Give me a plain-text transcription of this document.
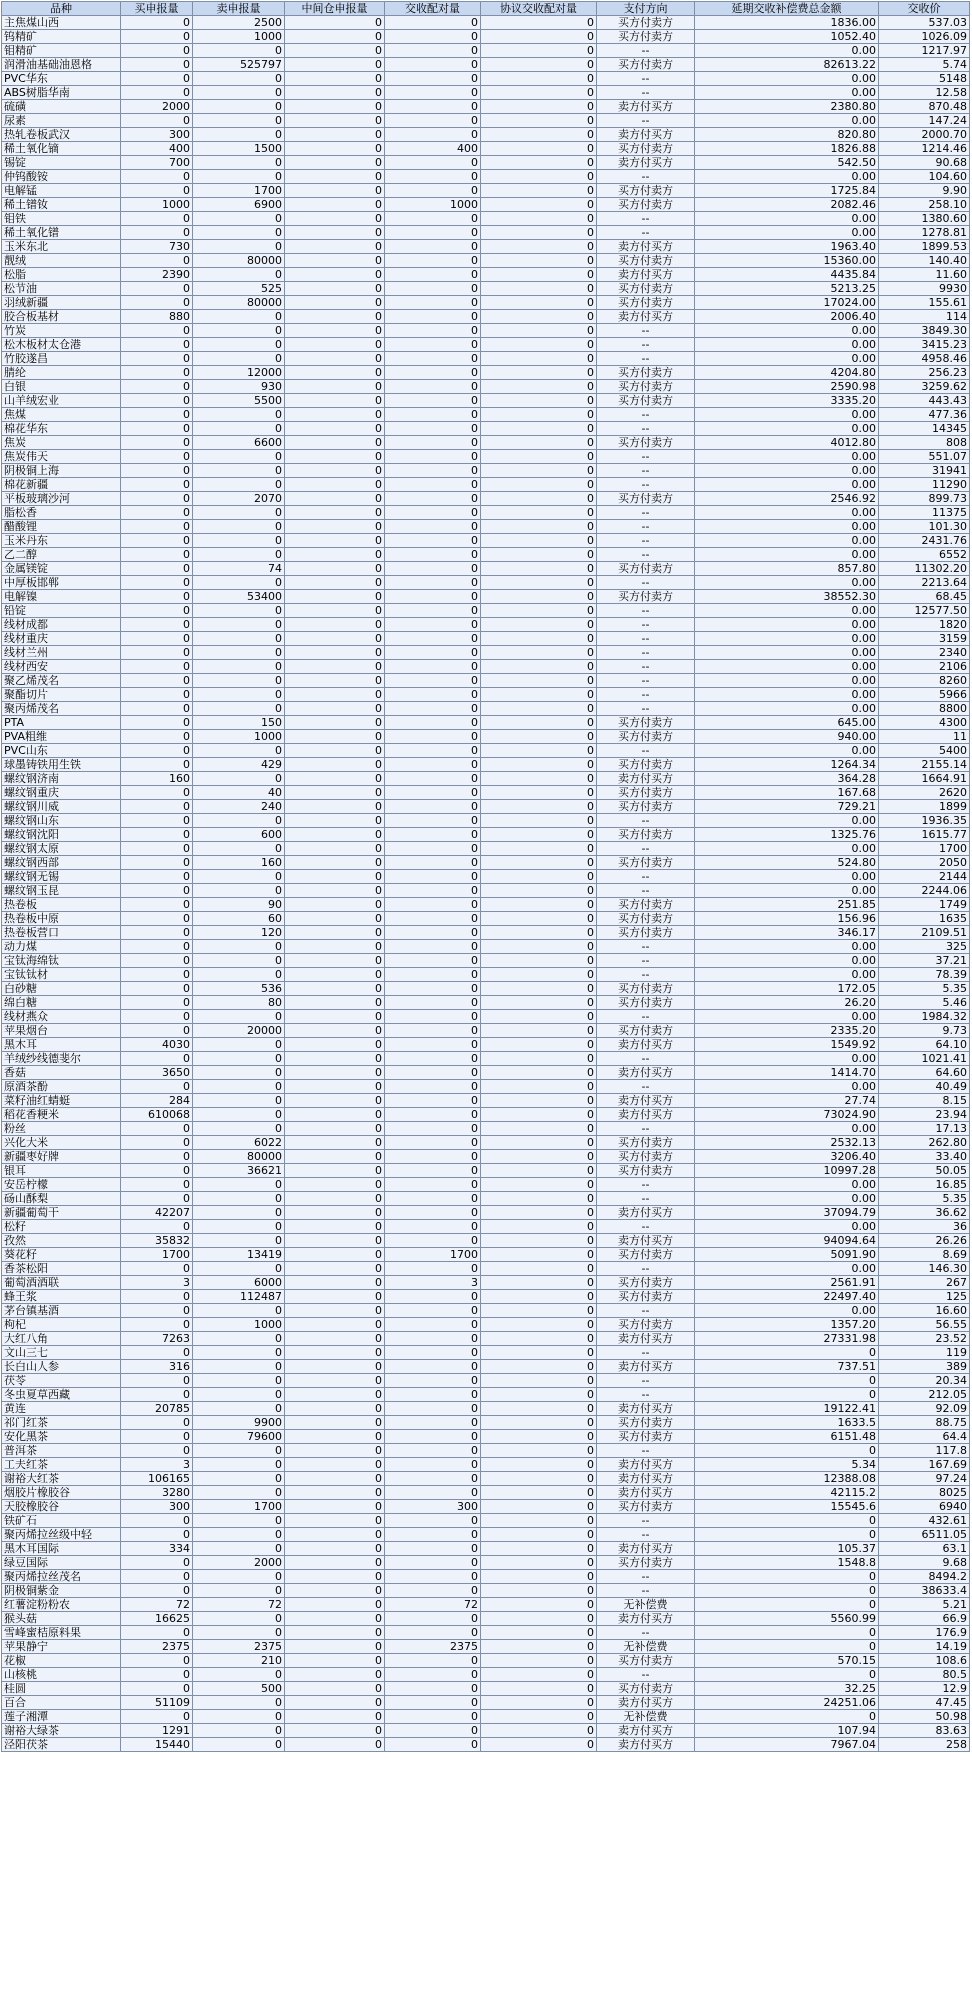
品种	买申报量	卖申报量	中间仓申报量	交收配对量	协议交收配对量	支付方向	延期交收补偿费总金额	交收价
主焦煤山西	0	2500	0	0	0	买方付卖方	1836.00	537.03
钨精矿	0	1000	0	0	0	买方付卖方	1052.40	1026.09
钼精矿	0	0	0	0	0	--	0.00	1217.97
润滑油基础油恩格	0	525797	0	0	0	买方付卖方	82613.22	5.74
PVC华东	0	0	0	0	0	--	0.00	5148
ABS树脂华南	0	0	0	0	0	--	0.00	12.58
硫磺	2000	0	0	0	0	卖方付买方	2380.80	870.48
尿素	0	0	0	0	0	--	0.00	147.24
热轧卷板武汉	300	0	0	0	0	卖方付买方	820.80	2000.70
稀土氧化镝	400	1500	0	400	0	买方付卖方	1826.88	1214.46
锡锭	700	0	0	0	0	卖方付买方	542.50	90.68
仲钨酸铵	0	0	0	0	0	--	0.00	104.60
电解锰	0	1700	0	0	0	买方付卖方	1725.84	9.90
稀土镨钕	1000	6900	0	1000	0	买方付卖方	2082.46	258.10
钼铁	0	0	0	0	0	--	0.00	1380.60
稀土氧化镨	0	0	0	0	0	--	0.00	1278.81
玉米东北	730	0	0	0	0	卖方付买方	1963.40	1899.53
靓绒	0	80000	0	0	0	买方付卖方	15360.00	140.40
松脂	2390	0	0	0	0	卖方付买方	4435.84	11.60
松节油	0	525	0	0	0	买方付卖方	5213.25	9930
羽绒新疆	0	80000	0	0	0	买方付卖方	17024.00	155.61
胶合板基材	880	0	0	0	0	卖方付买方	2006.40	114
竹炭	0	0	0	0	0	--	0.00	3849.30
松木板材太仓港	0	0	0	0	0	--	0.00	3415.23
竹胶遂昌	0	0	0	0	0	--	0.00	4958.46
腈纶	0	12000	0	0	0	买方付卖方	4204.80	256.23
白银	0	930	0	0	0	买方付卖方	2590.98	3259.62
山羊绒宏业	0	5500	0	0	0	买方付卖方	3335.20	443.43
焦煤	0	0	0	0	0	--	0.00	477.36
棉花华东	0	0	0	0	0	--	0.00	14345
焦炭	0	6600	0	0	0	买方付卖方	4012.80	808
焦炭伟天	0	0	0	0	0	--	0.00	551.07
阴极铜上海	0	0	0	0	0	--	0.00	31941
棉花新疆	0	0	0	0	0	--	0.00	11290
平板玻璃沙河	0	2070	0	0	0	买方付卖方	2546.92	899.73
脂松香	0	0	0	0	0	--	0.00	11375
醋酸锂	0	0	0	0	0	--	0.00	101.30
玉米丹东	0	0	0	0	0	--	0.00	2431.76
乙二醇	0	0	0	0	0	--	0.00	6552
金属镁锭	0	74	0	0	0	买方付卖方	857.80	11302.20
中厚板邯郸	0	0	0	0	0	--	0.00	2213.64
电解镍	0	53400	0	0	0	买方付卖方	38552.30	68.45
铅锭	0	0	0	0	0	--	0.00	12577.50
线材成都	0	0	0	0	0	--	0.00	1820
线材重庆	0	0	0	0	0	--	0.00	3159
线材兰州	0	0	0	0	0	--	0.00	2340
线材西安	0	0	0	0	0	--	0.00	2106
聚乙烯茂名	0	0	0	0	0	--	0.00	8260
聚酯切片	0	0	0	0	0	--	0.00	5966
聚丙烯茂名	0	0	0	0	0	--	0.00	8800
PTA	0	150	0	0	0	买方付卖方	645.00	4300
PVA粗维	0	1000	0	0	0	买方付卖方	940.00	11
PVC山东	0	0	0	0	0	--	0.00	5400
球墨铸铁用生铁	0	429	0	0	0	买方付卖方	1264.34	2155.14
螺纹钢济南	160	0	0	0	0	卖方付买方	364.28	1664.91
螺纹钢重庆	0	40	0	0	0	买方付卖方	167.68	2620
螺纹钢川威	0	240	0	0	0	买方付卖方	729.21	1899
螺纹钢山东	0	0	0	0	0	--	0.00	1936.35
螺纹钢沈阳	0	600	0	0	0	买方付卖方	1325.76	1615.77
螺纹钢太原	0	0	0	0	0	--	0.00	1700
螺纹钢西部	0	160	0	0	0	买方付卖方	524.80	2050
螺纹钢无锡	0	0	0	0	0	--	0.00	2144
螺纹钢玉昆	0	0	0	0	0	--	0.00	2244.06
热卷板	0	90	0	0	0	买方付卖方	251.85	1749
热卷板中原	0	60	0	0	0	买方付卖方	156.96	1635
热卷板营口	0	120	0	0	0	买方付卖方	346.17	2109.51
动力煤	0	0	0	0	0	--	0.00	325
宝钛海绵钛	0	0	0	0	0	--	0.00	37.21
宝钛钛材	0	0	0	0	0	--	0.00	78.39
白砂糖	0	536	0	0	0	买方付卖方	172.05	5.35
绵白糖	0	80	0	0	0	买方付卖方	26.20	5.46
线材燕众	0	0	0	0	0	--	0.00	1984.32
苹果烟台	0	20000	0	0	0	买方付卖方	2335.20	9.73
黑木耳	4030	0	0	0	0	卖方付买方	1549.92	64.10
羊绒纱线德斐尔	0	0	0	0	0	--	0.00	1021.41
香菇	3650	0	0	0	0	卖方付买方	1414.70	64.60
原酒茶酚	0	0	0	0	0	--	0.00	40.49
菜籽油红蜻蜓	284	0	0	0	0	卖方付买方	27.74	8.15
稻花香粳米	610068	0	0	0	0	卖方付买方	73024.90	23.94
粉丝	0	0	0	0	0	--	0.00	17.13
兴化大米	0	6022	0	0	0	买方付卖方	2532.13	262.80
新疆枣好牌	0	80000	0	0	0	买方付卖方	3206.40	33.40
银耳	0	36621	0	0	0	买方付卖方	10997.28	50.05
安岳柠檬	0	0	0	0	0	--	0.00	16.85
砀山酥梨	0	0	0	0	0	--	0.00	5.35
新疆葡萄干	42207	0	0	0	0	卖方付买方	37094.79	36.62
松籽	0	0	0	0	0	--	0.00	36
孜然	35832	0	0	0	0	卖方付买方	94094.64	26.26
葵花籽	1700	13419	0	1700	0	买方付卖方	5091.90	8.69
香茶松阳	0	0	0	0	0	--	0.00	146.30
葡萄酒酒联	3	6000	0	3	0	买方付卖方	2561.91	267
蜂王浆	0	112487	0	0	0	买方付卖方	22497.40	125
茅台镇基酒	0	0	0	0	0	--	0.00	16.60
枸杞	0	1000	0	0	0	买方付卖方	1357.20	56.55
大红八角	7263	0	0	0	0	卖方付买方	27331.98	23.52
文山三七	0	0	0	0	0	--	0	119
长白山人参	316	0	0	0	0	卖方付买方	737.51	389
茯苓	0	0	0	0	0	--	0	20.34
冬虫夏草西藏	0	0	0	0	0	--	0	212.05
黄连	20785	0	0	0	0	卖方付买方	19122.41	92.09
祁门红茶	0	9900	0	0	0	买方付卖方	1633.5	88.75
安化黑茶	0	79600	0	0	0	买方付卖方	6151.48	64.4
普洱茶	0	0	0	0	0	--	0	117.8
工夫红茶	3	0	0	0	0	卖方付买方	5.34	167.69
谢裕大红茶	106165	0	0	0	0	卖方付买方	12388.08	97.24
烟胶片橡胶谷	3280	0	0	0	0	卖方付买方	42115.2	8025
天胶橡胶谷	300	1700	0	300	0	买方付卖方	15545.6	6940
铁矿石	0	0	0	0	0	--	0	432.61
聚丙烯拉丝级中轻	0	0	0	0	0	--	0	6511.05
黑木耳国际	334	0	0	0	0	卖方付买方	105.37	63.1
绿豆国际	0	2000	0	0	0	买方付卖方	1548.8	9.68
聚丙烯拉丝茂名	0	0	0	0	0	--	0	8494.2
阴极铜紫金	0	0	0	0	0	--	0	38633.4
红薯淀粉粉农	72	72	0	72	0	无补偿费	0	5.21
猴头菇	16625	0	0	0	0	卖方付买方	5560.99	66.9
雪峰蜜桔原料果	0	0	0	0	0	--	0	176.9
苹果静宁	2375	2375	0	2375	0	无补偿费	0	14.19
花椒	0	210	0	0	0	买方付卖方	570.15	108.6
山核桃	0	0	0	0	0	--	0	80.5
桂圆	0	500	0	0	0	买方付卖方	32.25	12.9
百合	51109	0	0	0	0	卖方付买方	24251.06	47.45
莲子湘潭	0	0	0	0	0	无补偿费	0	50.98
谢裕大绿茶	1291	0	0	0	0	卖方付买方	107.94	83.63
泾阳茯茶	15440	0	0	0	0	卖方付买方	7967.04	258
